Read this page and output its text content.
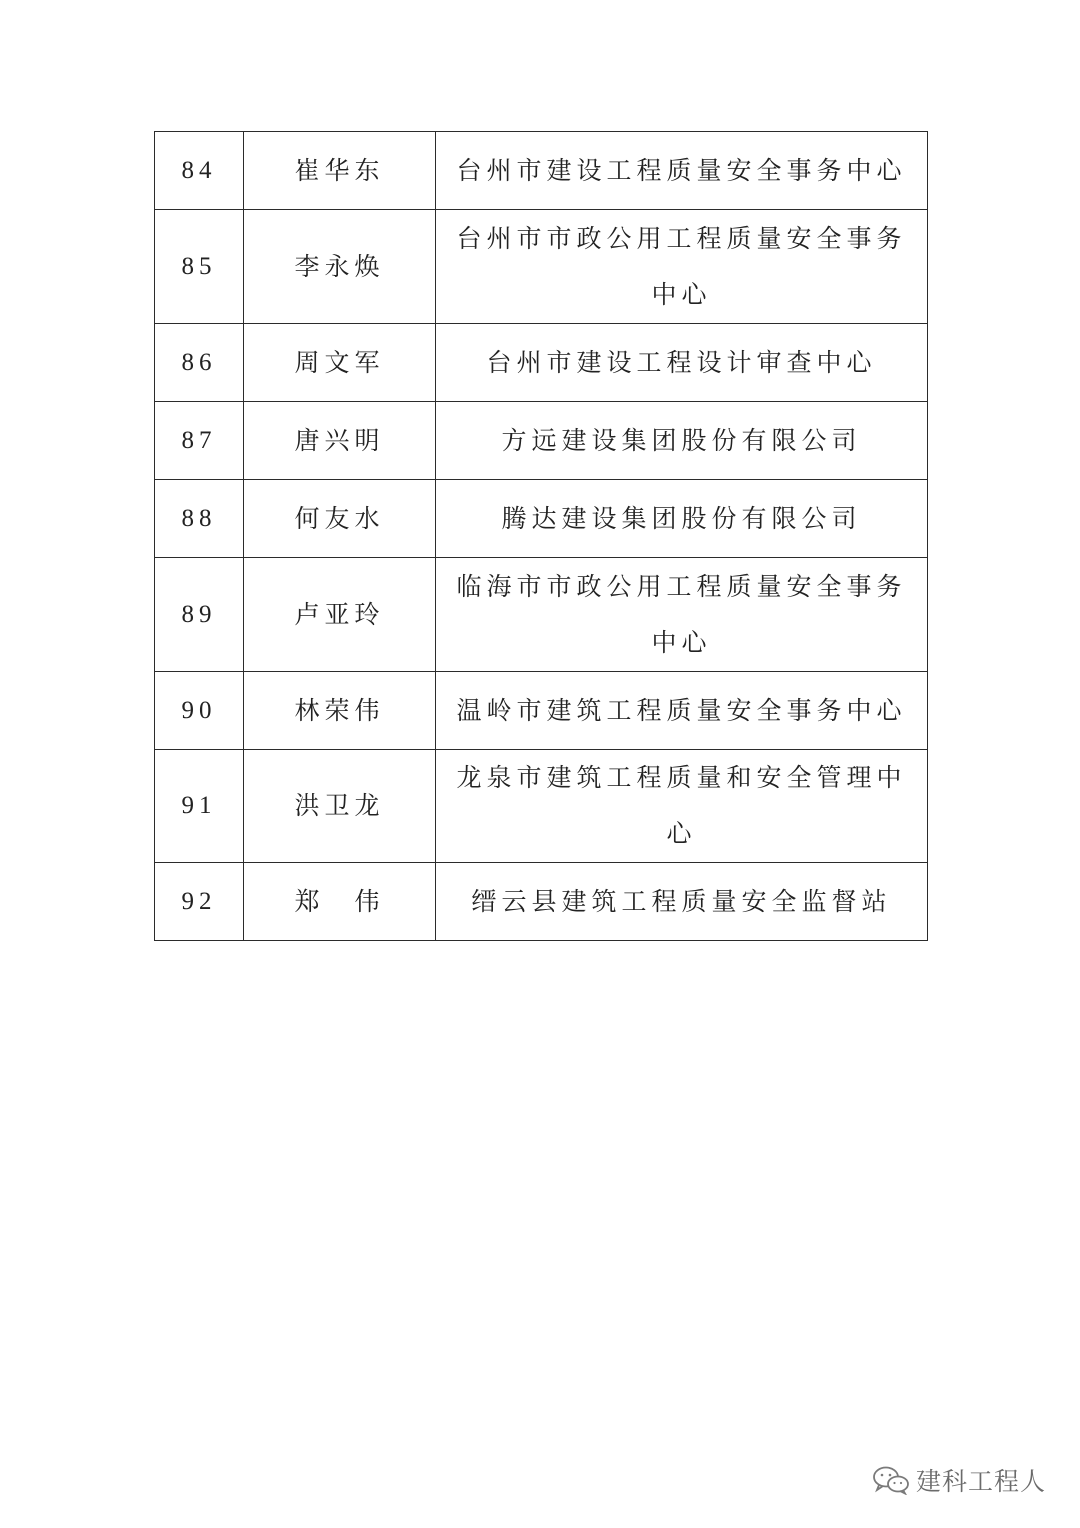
84	崔华东	台州市建设工程质量安全事务中心
85	李永焕	台州市市政公用工程质量安全事务中心
86	周文军	台州市建设工程设计审查中心
87	唐兴明	方远建设集团股份有限公司
88	何友水	腾达建设集团股份有限公司
89	卢亚玲	临海市市政公用工程质量安全事务中心
90	林荣伟	温岭市建筑工程质量安全事务中心
91	洪卫龙	龙泉市建筑工程质量和安全管理中心
92	郑　伟	缙云县建筑工程质量安全监督站
建科工程人
